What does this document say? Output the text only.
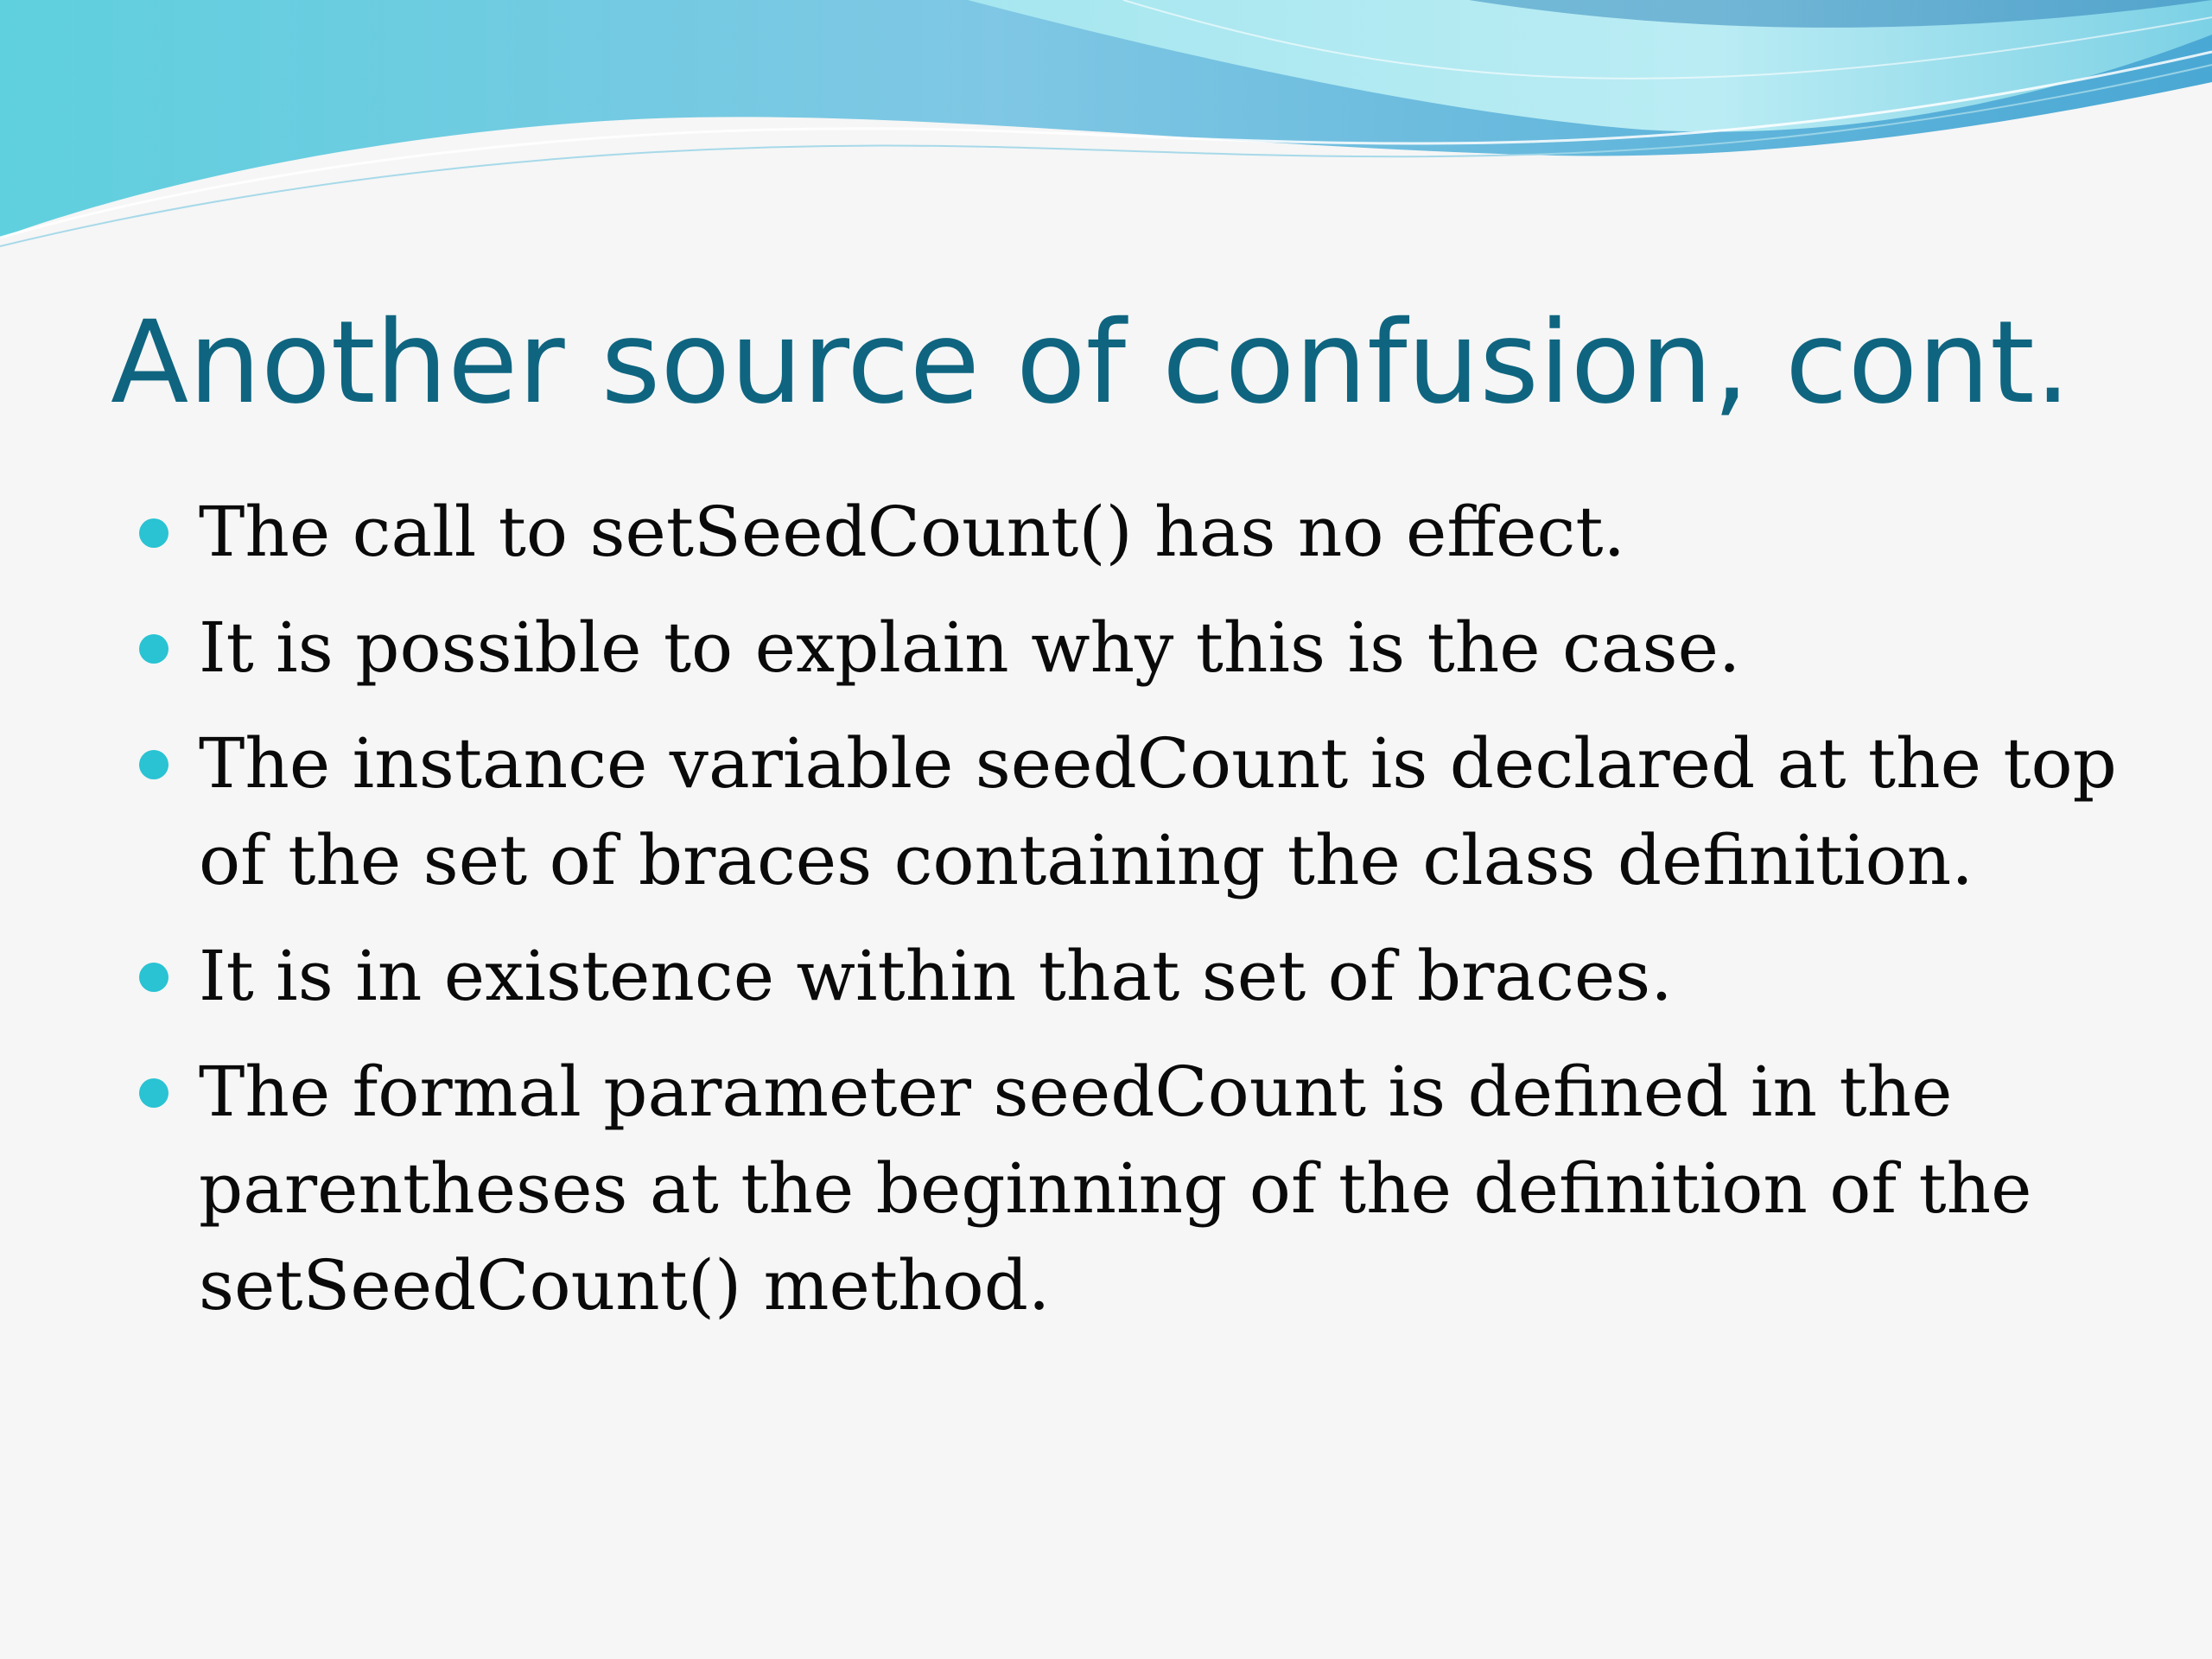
Another source of confusion, cont.
The call to setSeedCount() has no effect.
It is possible to explain why this is the case.
The instance variable seedCount is declared at the top of the set of braces containing the class definition.
It is in existence within that set of braces.
The formal parameter seedCount is defined in the parentheses at the beginning of the definition of the setSeedCount() method.
